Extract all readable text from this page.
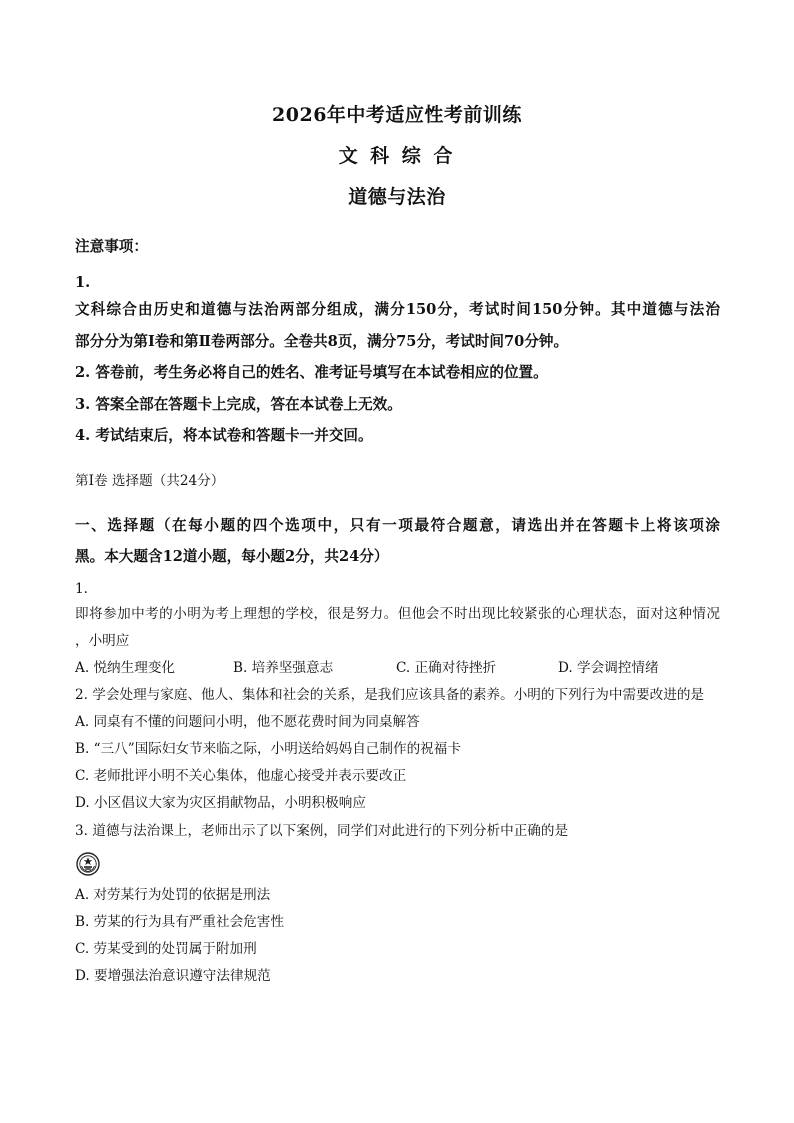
2026年中考适应性考前训练
文 科 综 合
道德与法治
注意事项：
1.
文科综合由历史和道德与法治两部分组成，满分150分，考试时间150分钟。其中道德与法治
部分分为第Ⅰ卷和第Ⅱ卷两部分。全卷共8页，满分75分，考试时间70分钟。
2. 答卷前，考生务必将自己的姓名、准考证号填写在本试卷相应的位置。
3. 答案全部在答题卡上完成，答在本试卷上无效。
4. 考试结束后，将本试卷和答题卡一并交回。
第Ⅰ卷 选择题（共24分）
一、选择题（在每小题的四个选项中，只有一项最符合题意，请选出并在答题卡上将该项涂
黑。本大题含12道小题，每小题2分，共24分）
1.
即将参加中考的小明为考上理想的学校，很是努力。但他会不时出现比较紧张的心理状态，面对这种情况
，小明应
A. 悦纳生理变化	B. 培养坚强意志	C. 正确对待挫折	D. 学会调控情绪
2. 学会处理与家庭、他人、集体和社会的关系，是我们应该具备的素养。小明的下列行为中需要改进的是
A. 同桌有不懂的问题问小明，他不愿花费时间为同桌解答
B. “三八”国际妇女节来临之际，小明送给妈妈自己制作的祝福卡
C. 老师批评小明不关心集体，他虚心接受并表示要改正
D. 小区倡议大家为灾区捐献物品，小明积极响应
3. 道德与法治课上，老师出示了以下案例，同学们对此进行的下列分析中正确的是
A. 对劳某行为处罚的依据是刑法
B. 劳某的行为具有严重社会危害性
C. 劳某受到的处罚属于附加刑
D. 要增强法治意识遵守法律规范
